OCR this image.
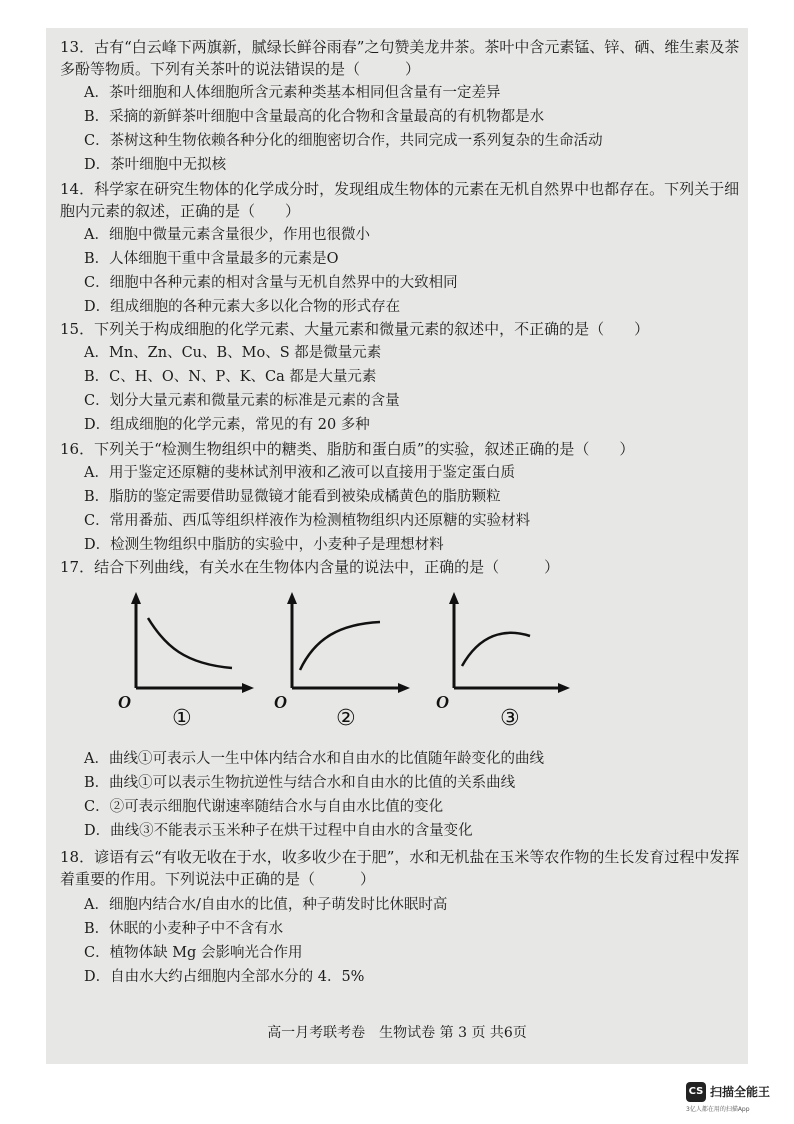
13．古有“白云峰下两旗新，腻绿长鲜谷雨春”之句赞美龙井茶。茶叶中含元素锰、锌、硒、维生素及茶多酚等物质。下列有关茶叶的说法错误的是（　　　）
A．茶叶细胞和人体细胞所含元素种类基本相同但含量有一定差异
B．采摘的新鲜茶叶细胞中含量最高的化合物和含量最高的有机物都是水
C．茶树这种生物依赖各种分化的细胞密切合作，共同完成一系列复杂的生命活动
D．茶叶细胞中无拟核
14．科学家在研究生物体的化学成分时，发现组成生物体的元素在无机自然界中也都存在。下列关于细胞内元素的叙述，正确的是（　　）
A．细胞中微量元素含量很少，作用也很微小
B．人体细胞干重中含量最多的元素是O
C．细胞中各种元素的相对含量与无机自然界中的大致相同
D．组成细胞的各种元素大多以化合物的形式存在
15．下列关于构成细胞的化学元素、大量元素和微量元素的叙述中，不正确的是（　　）
A．Mn、Zn、Cu、B、Mo、S 都是微量元素
B．C、H、O、N、P、K、Ca 都是大量元素
C．划分大量元素和微量元素的标准是元素的含量
D．组成细胞的化学元素，常见的有 20 多种
16．下列关于“检测生物组织中的糖类、脂肪和蛋白质”的实验，叙述正确的是（　　）
A．用于鉴定还原糖的斐林试剂甲液和乙液可以直接用于鉴定蛋白质
B．脂肪的鉴定需要借助显微镜才能看到被染成橘黄色的脂肪颗粒
C．常用番茄、西瓜等组织样液作为检测植物组织内还原糖的实验材料
D．检测生物组织中脂肪的实验中，小麦种子是理想材料
17．结合下列曲线，有关水在生物体内含量的说法中，正确的是（　　　）
O
①
O
②
O
③
A．曲线①可表示人一生中体内结合水和自由水的比值随年龄变化的曲线
B．曲线①可以表示生物抗逆性与结合水和自由水的比值的关系曲线
C．②可表示细胞代谢速率随结合水与自由水比值的变化
D．曲线③不能表示玉米种子在烘干过程中自由水的含量变化
18．谚语有云“有收无收在于水，收多收少在于肥”，水和无机盐在玉米等农作物的生长发育过程中发挥着重要的作用。下列说法中正确的是（　　　）
A．细胞内结合水/自由水的比值，种子萌发时比休眠时高
B．休眠的小麦种子中不含有水
C．植物体缺 Mg 会影响光合作用
D．自由水大约占细胞内全部水分的 4．5%
高一月考联考卷　生物试卷 第 3 页 共6页
CS 扫描全能王
3亿人都在用的扫描App
